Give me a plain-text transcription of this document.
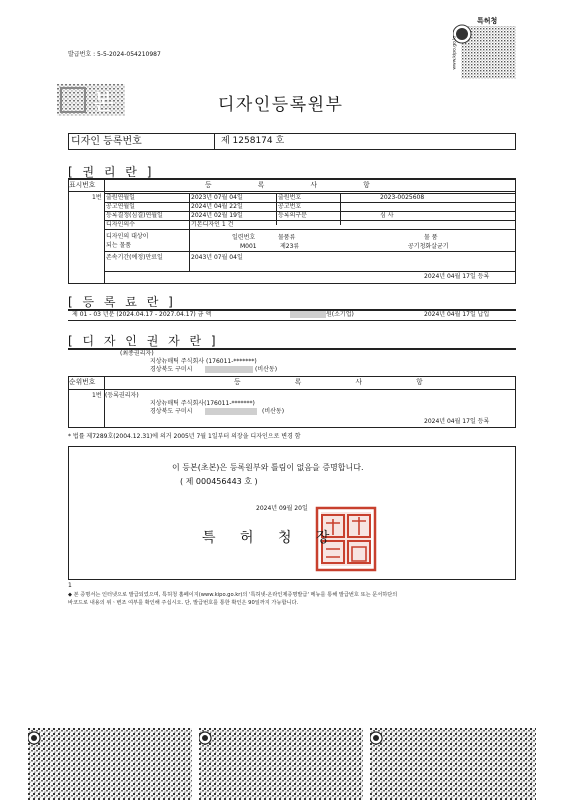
발급번호 : 5-5-2024-054210987
특허청
www.kipo.go.kr
본	디자인등록원부
디자인 등록번호	제 1258174 호
[ 권 리 란 ]
표시번호	등 록 사 항
1번 출원연월일	2023년 07월 04일	출원번호	2023-0025608
공고연월일	2024년 04월 22일	공고번호
등록결정(심결)연월일	2024년 02월 19일	등록의구분	심 사
디자인의수	기본디자인 1 건
디자인의 대상이
되는 물품
일련번호	물품류	물 품
M001	제23류	공기청화살균기
존속기간(예정)만료일	2043년 07월 04일
2024년 04월 17일 등록
[ 등 록 료 란 ]
제 01 - 03 년분 (2024.04.17 - 2027.04.17) 금 액	원(소기업)	2024년 04월 17일 납입
[ 디 자 인 권 자 란 ]
(최종권리자)
지상뉴매틱 주식회사 (176011-*******)
경상북도 구미시	(비산동)
순위번호	등 록 사 항
1번 (등록권리자)
지상뉴매틱 주식회사(176011-*******)
경상북도 구미시	(비산동)
2024년 04월 17일 등록
* 법률 제7289호(2004.12.31)에 의거 2005년 7월 1일부터 의장을 디자인으로 변경 함
이 등본(초본)은 등록원부와 틀림이 없음을 증명합니다.
( 제 000456443 호 )
2024년 09월 20일
특 허 청 장
1
◆ 본 증명서는 인터넷으로 발급되었으며, 특허청 홈페이지(www.kipo.go.kr)의 '특허넷-온라인제증명발급' 메뉴를 통해 발급번호 또는 문서하단의
바코드로 내용의 위ㆍ변조 여부를 확인해 주십시오. 단, 발급번호를 통한 확인은 90일까지 가능합니다.
